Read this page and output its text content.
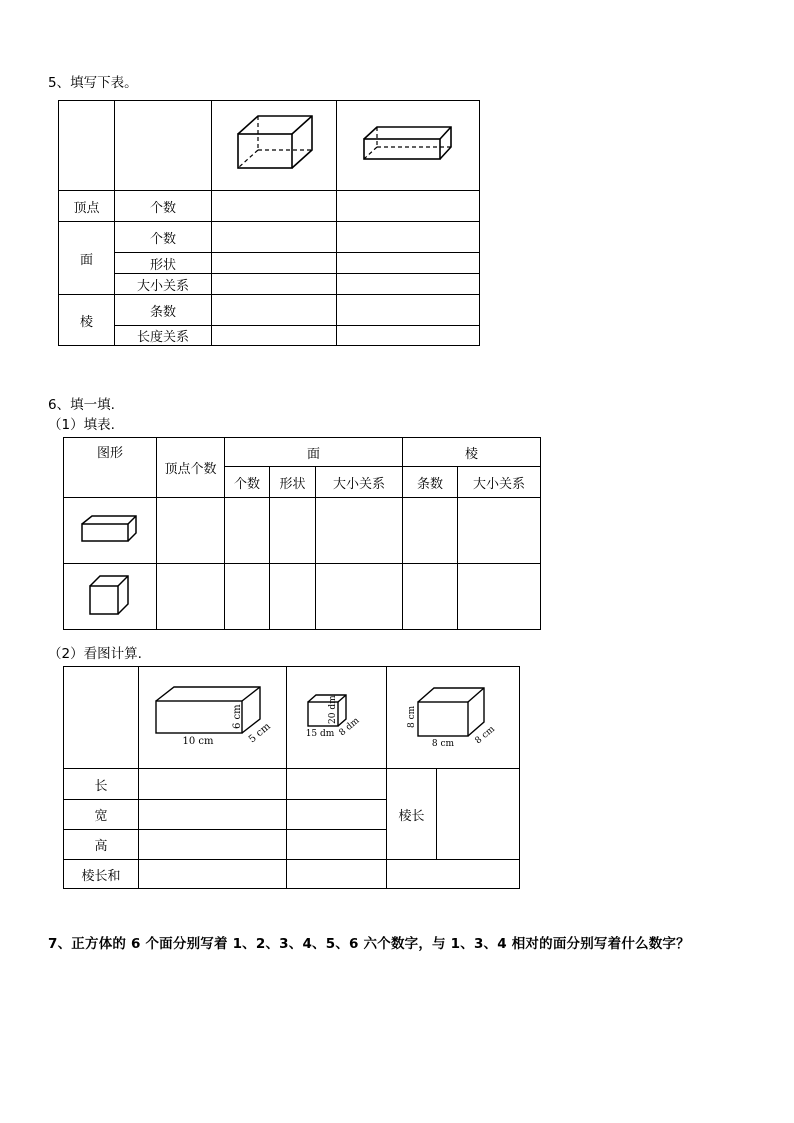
5、填写下表。

顶点	个数		
面	个数		
	形状		
	大小关系		
棱	条数		
	长度关系		
6、填一填.
（1）填表.
图形	顶点个数	面			棱	
		个数	形状	大小关系	条数	大小关系

（2）看图计算.

10 cm
6 cm
5 cm	15 dm
20 dm
8 dm	8 cm
8 cm 8 cm	

长			棱长	
宽				
高				
棱长和				
7、正方体的 6 个面分别写着 1、2、3、4、5、6 六个数字，与 1、3、4 相对的面分别写着什么数字？
